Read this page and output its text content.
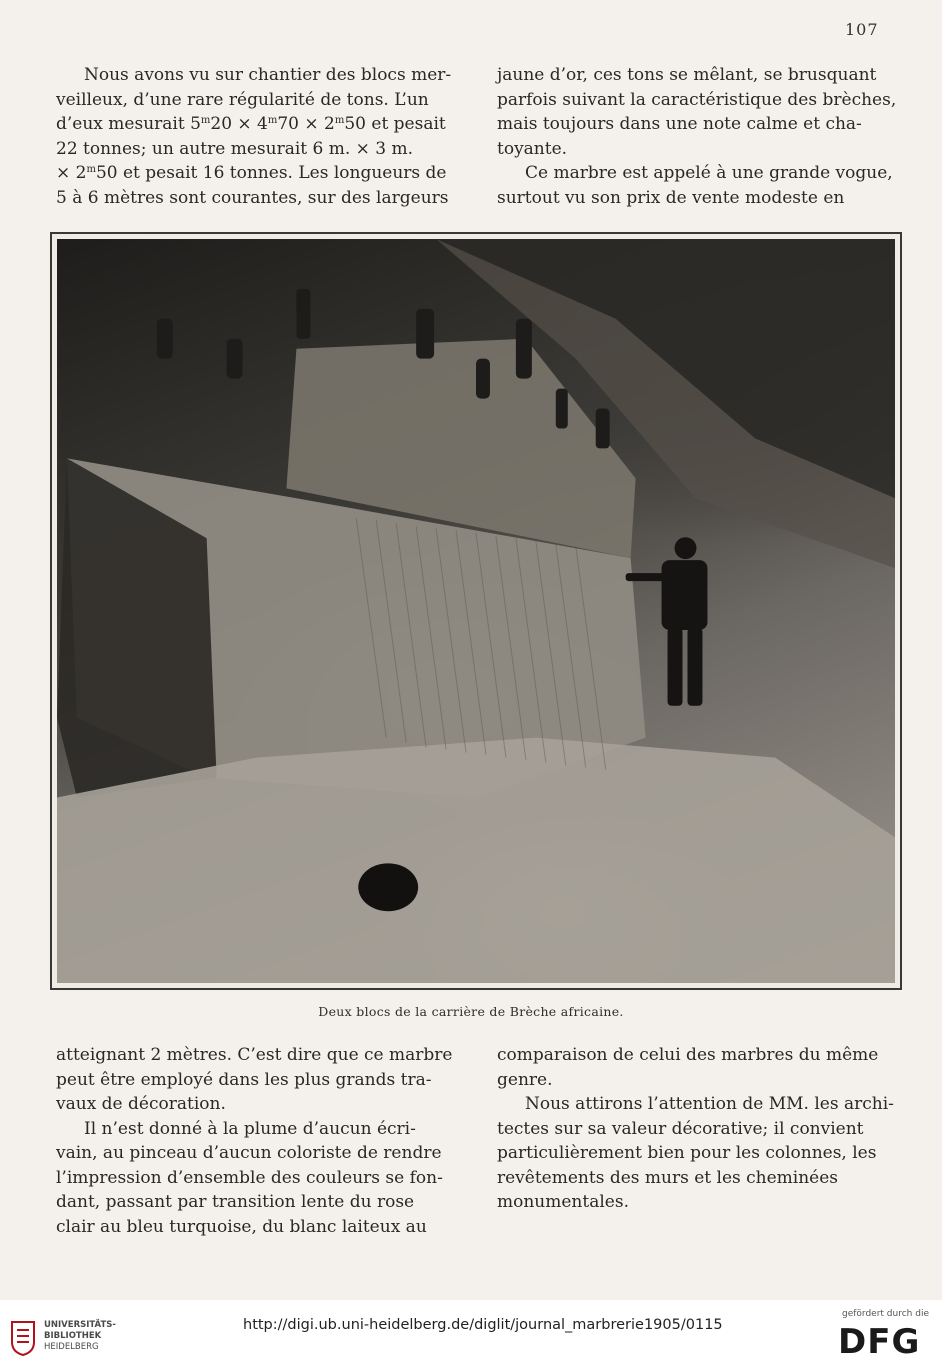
107

Nous avons vu sur chantier des blocs mer-
veilleux, d’une rare régularité de tons. L’un
d’eux mesurait $5^m20 \times 4^m70 \times 2^m50$ et pesait
22 tonnes; un autre mesurait 6 m. × 3 m.
× $2^m50$ et pesait 16 tonnes. Les longueurs de
5 à 6 mètres sont courantes, sur des largeurs

jaune d’or, ces tons se mêlant, se brusquant
parfois suivant la caractéristique des brèches,
mais toujours dans une note calme et cha-
toyante.

Ce marbre est appelé à une grande vogue,
surtout vu son prix de vente modeste en

Deux blocs de la carrière de Brèche africaine.

atteignant 2 mètres. C’est dire que ce marbre
peut être employé dans les plus grands tra-
vaux de décoration.

Il n’est donné à la plume d’aucun écri-
vain, au pinceau d’aucun coloriste de rendre
l’impression d’ensemble des couleurs se fon-
dant, passant par transition lente du rose
clair au bleu turquoise, du blanc laiteux au

comparaison de celui des marbres du même
genre.

Nous attirons l’attention de MM. les archi-
tectes sur sa valeur décorative; il convient
particulièrement bien pour les colonnes, les
revêtements des murs et les cheminées
monumentales.

UNIVERSITÄTS-
BIBLIOTHEK
HEIDELBERG
http://digi.ub.uni-heidelberg.de/diglit/journal_marbrerie1905/0115
gefördert durch die
DFG
